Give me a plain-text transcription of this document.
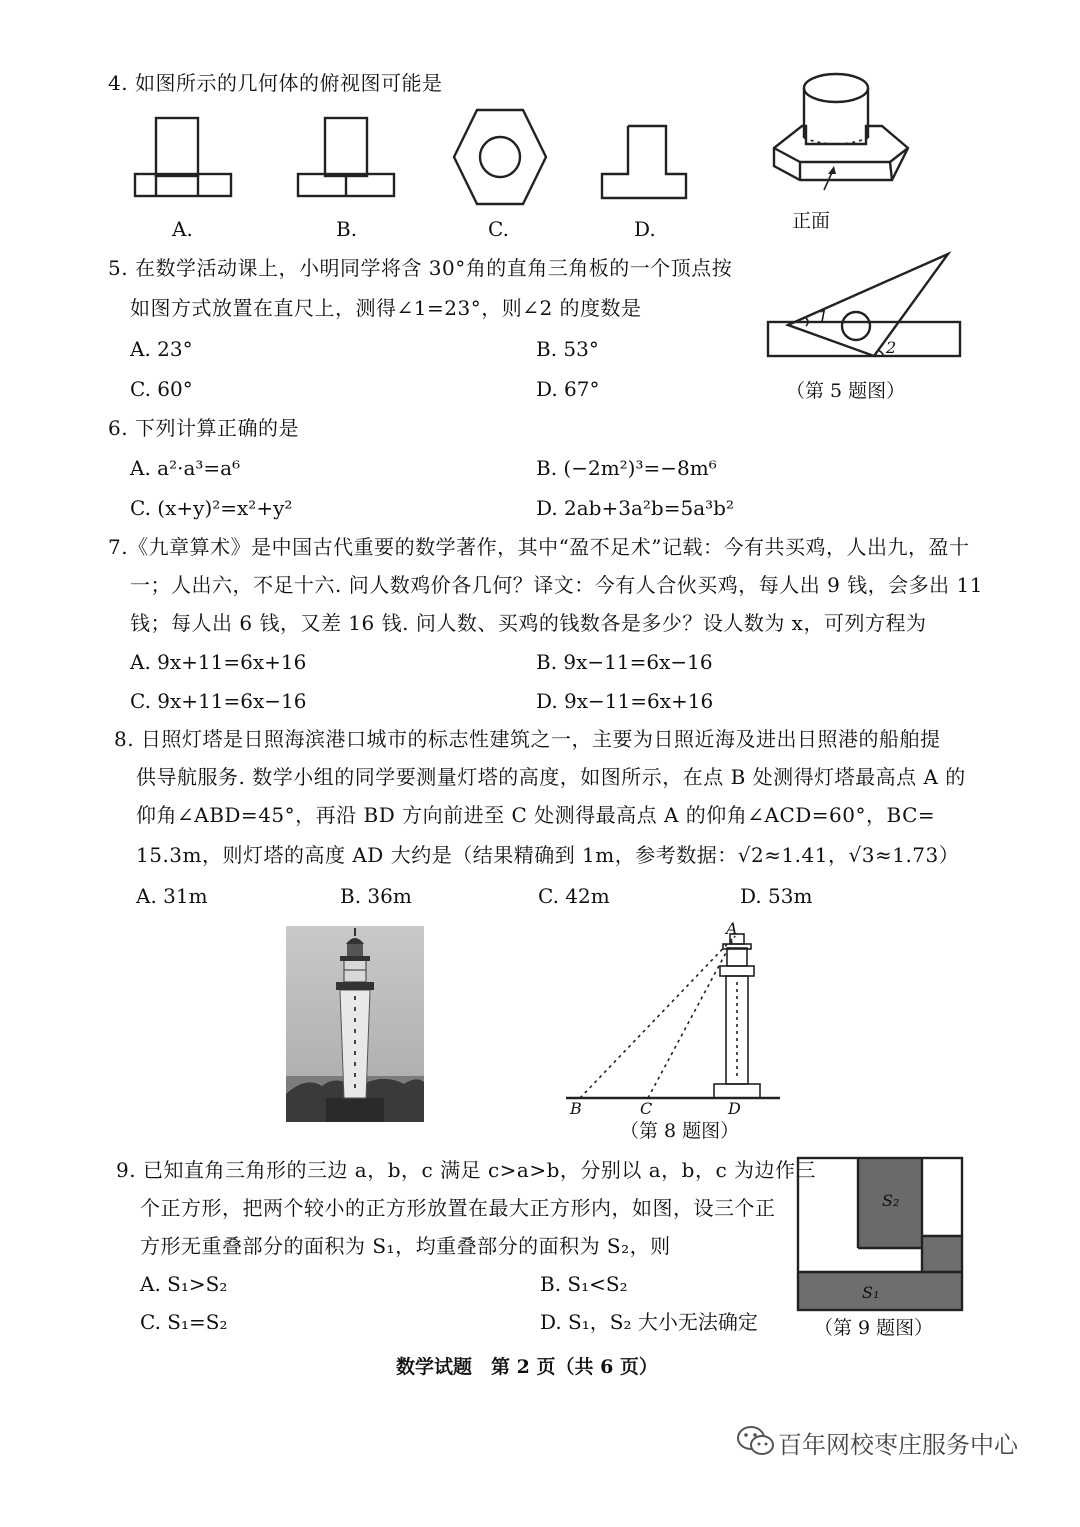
4. 如图所示的几何体的俯视图可能是
A.	B.	C.	D.	正面
5. 在数学活动课上，小明同学将含 30°角的直角三角板的一个顶点按
如图方式放置在直尺上，测得∠1=23°，则∠2 的度数是
A. 23°	B. 53°
C. 60°	D. 67°
1
2
（第 5 题图）
6. 下列计算正确的是
A. a²·a³=a⁶	B. (−2m²)³=−8m⁶
C. (x+y)²=x²+y²	D. 2ab+3a²b=5a³b²
7.《九章算术》是中国古代重要的数学著作，其中“盈不足术”记载：今有共买鸡，人出九，盈十
一；人出六，不足十六. 问人数鸡价各几何？译文：今有人合伙买鸡，每人出 9 钱，会多出 11
钱；每人出 6 钱，又差 16 钱. 问人数、买鸡的钱数各是多少？设人数为 x，可列方程为
A. 9x+11=6x+16	B. 9x−11=6x−16
C. 9x+11=6x−16	D. 9x−11=6x+16
8. 日照灯塔是日照海滨港口城市的标志性建筑之一，主要为日照近海及进出日照港的船舶提
供导航服务. 数学小组的同学要测量灯塔的高度，如图所示，在点 B 处测得灯塔最高点 A 的
仰角∠ABD=45°，再沿 BD 方向前进至 C 处测得最高点 A 的仰角∠ACD=60°，BC=
15.3m，则灯塔的高度 AD 大约是（结果精确到 1m，参考数据：√2≈1.41，√3≈1.73）
A. 31m	B. 36m	C. 42m	D. 53m
A
B	C	D
（第 8 题图）
9. 已知直角三角形的三边 a，b，c 满足 c>a>b，分别以 a，b，c 为边作三
个正方形，把两个较小的正方形放置在最大正方形内，如图，设三个正
方形无重叠部分的面积为 S₁，均重叠部分的面积为 S₂，则
A. S₁>S₂	B. S₁<S₂
C. S₁=S₂	D. S₁，S₂ 大小无法确定
S₂
S₁
（第 9 题图）
数学试题　第 2 页（共 6 页）
百年网校枣庄服务中心
